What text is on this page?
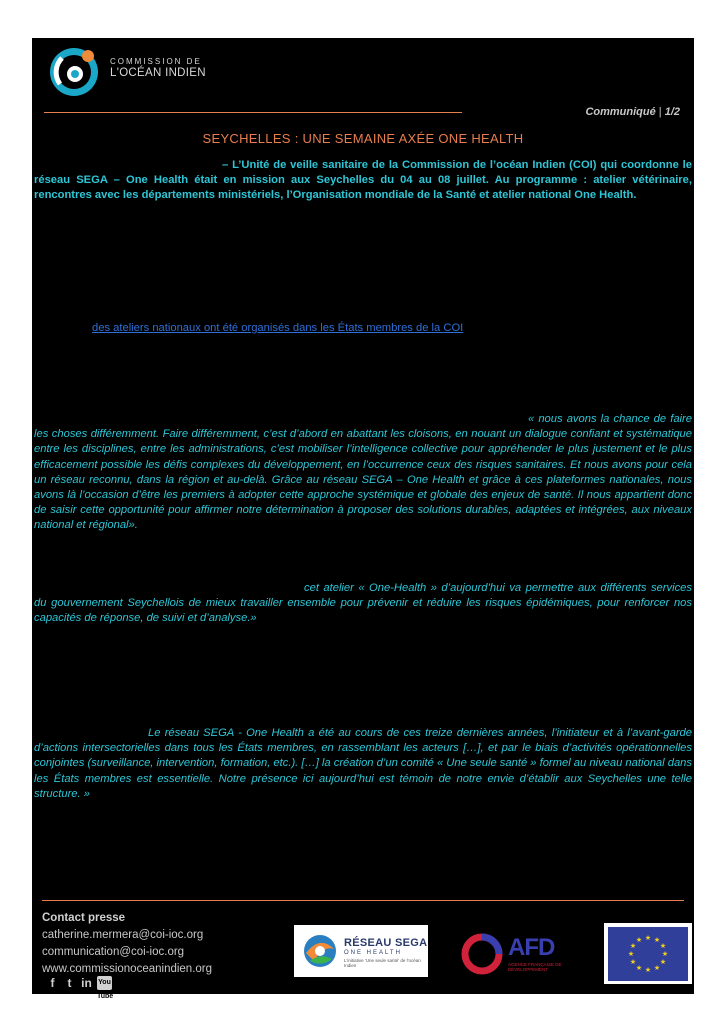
COMMISSION DE
L'OCÉAN INDIEN
Communiqué | 1/2
SEYCHELLES : UNE SEMAINE AXÉE ONE HEALTH
– L’Unité de veille sanitaire de la Commission de l’océan Indien (COI) qui coordonne le réseau SEGA – One Health était en mission aux Seychelles du 04 au 08 juillet. Au programme : atelier vétérinaire, rencontres avec les départements ministériels, l’Organisation mondiale de la Santé et atelier national One Health.
des ateliers nationaux ont été organisés dans les États membres de la COI
« nous avons la chance de faire les choses différemment. Faire différemment, c’est d’abord en abattant les cloisons, en nouant un dialogue confiant et systématique entre les disciplines, entre les administrations, c’est mobiliser l’intelligence collective pour appréhender le plus justement et le plus efficacement possible les défis complexes du développement, en l’occurrence ceux des risques sanitaires. Et nous avons pour cela un réseau reconnu, dans la région et au-delà. Grâce au réseau SEGA – One Health et grâce à ces plateformes nationales, nous avons là l’occasion d’être les premiers à adopter cette approche systémique et globale des enjeux de santé. Il nous appartient donc de saisir cette opportunité pour affirmer notre détermination à proposer des solutions durables, adaptées et intégrées, aux niveaux national et régional».
cet atelier « One-Health » d’aujourd’hui va permettre aux différents services du gouvernement Seychellois de mieux travailler ensemble pour prévenir et réduire les risques épidémiques, pour renforcer nos capacités de réponse, de suivi et d’analyse.»
Le réseau SEGA - One Health a été au cours de ces treize dernières années, l’initiateur et à l’avant-garde d’actions intersectorielles dans tous les États membres, en rassemblant les acteurs […], et par le biais d’activités opérationnelles conjointes (surveillance, intervention, formation, etc.). […] la création d’un comité « Une seule santé » formel au niveau national dans les États membres est essentielle. Notre présence ici aujourd’hui est témoin de notre envie d’établir aux Seychelles une telle structure. »
Contact presse
catherine.mermera@coi-ioc.org
communication@coi-ioc.org
www.commissionoceanindien.org
f	t in You Tube
RÉSEAU SEGA
ONE HEALTH
L'initiative 'Une seule santé' de l'océan Indien
AFD
AGENCE FRANÇAISE DE DÉVELOPPEMENT
★ ★
★
★
★
★
★
★
★
★
★
★
